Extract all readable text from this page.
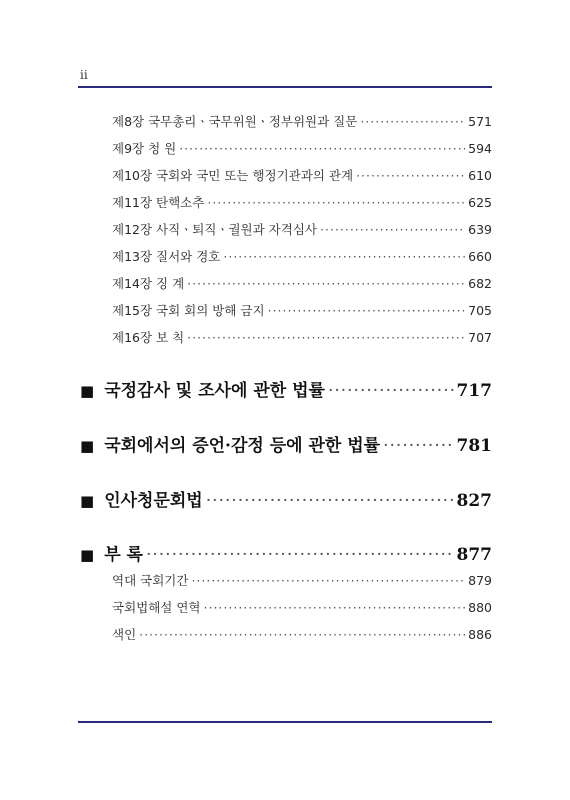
ii
제8장 국무총리ㆍ국무위원ㆍ정부위원과 질문 ·····	571
제9장 청 원 ·····	594
제10장 국회와 국민 또는 행정기관과의 관계 ·····	610
제11장 탄핵소추 ·····	625
제12장 사직ㆍ퇴직ㆍ궐원과 자격심사 ·····	639
제13장 질서와 경호 ·····	660
제14장 징 계 ·····	682
제15장 국회 회의 방해 금지 ·····	705
제16장 보 칙 ·····	707
■ 국정감사 및 조사에 관한 법률 ·····	717
■ 국회에서의 증언·감정 등에 관한 법률 ·····	781
■ 인사청문회법 ·····	827
■ 부 록 ·····	877
역대 국회기간 ·····	879
국회법해설 연혁 ·····	880
색인 ·····	886
